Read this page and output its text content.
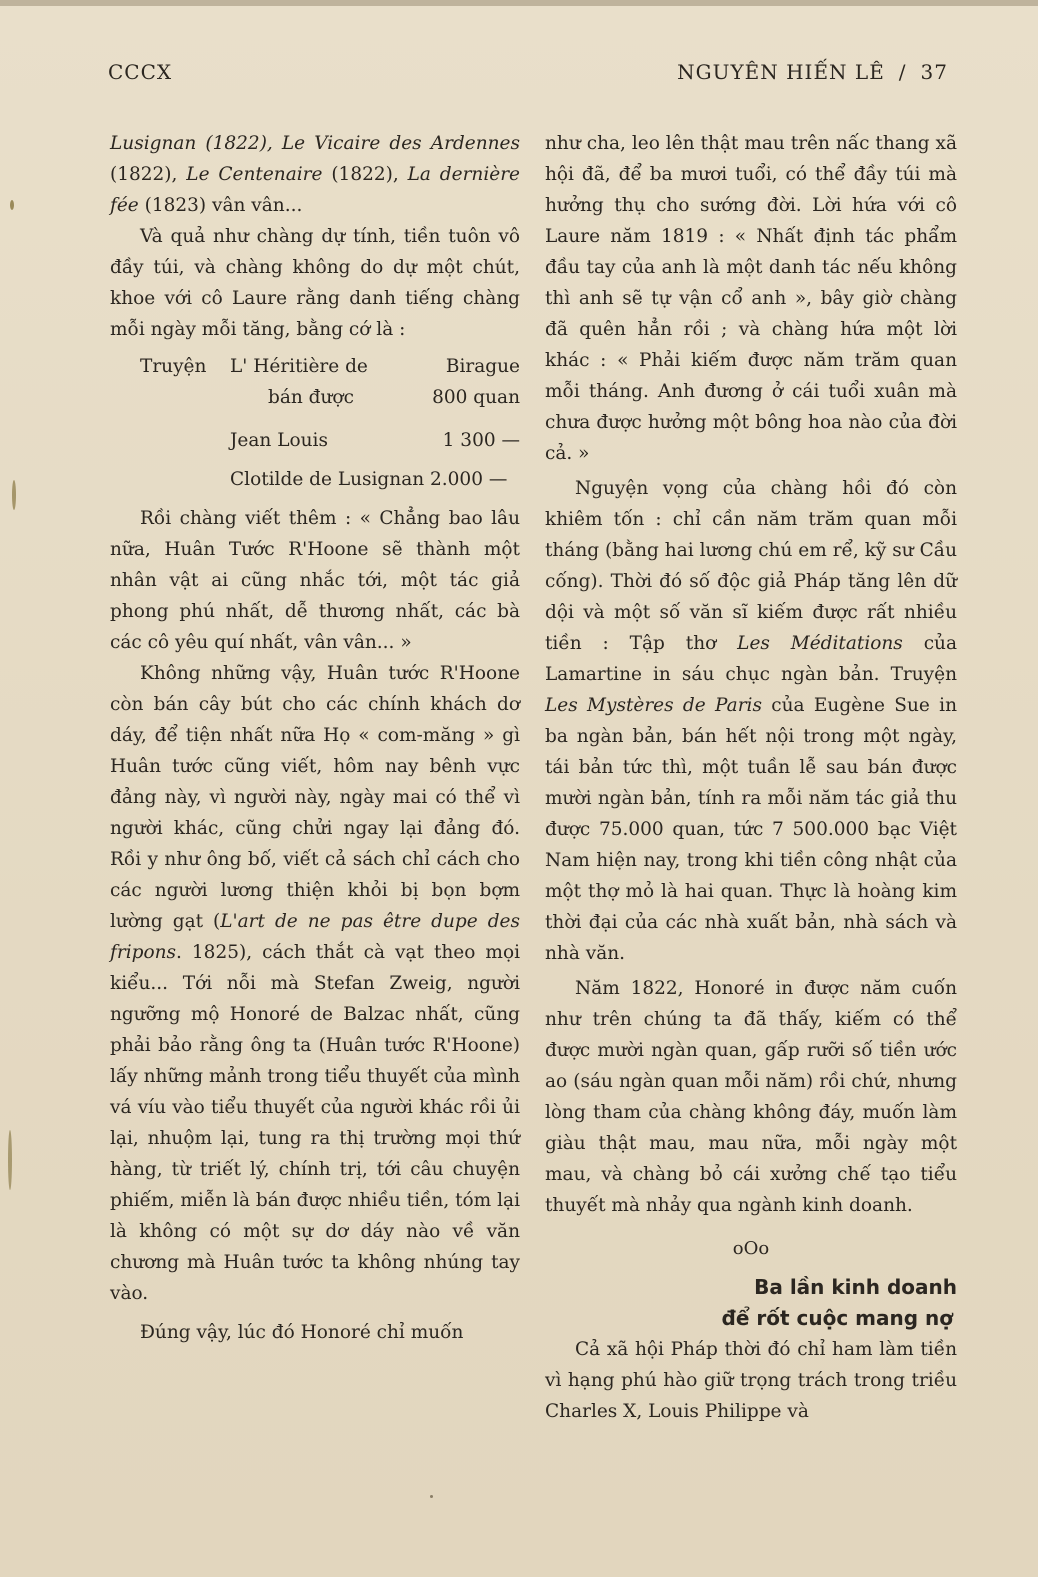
CCCX	NGUYÊN HIẾN LÊ / 37

Lusignan (1822), Le Vicaire des Ardennes (1822), Le Centenaire (1822), La dernière fée (1823) vân vân...

Và quả như chàng dự tính, tiền tuôn vô đầy túi, và chàng không do dự một chút, khoe với cô Laure rằng danh tiếng chàng mỗi ngày mỗi tăng, bằng cớ là :

Truyện	L' Héritière de	Birague
bán được	800 quan
Jean Louis	1 300 —
Clotilde de Lusignan 2.000 —

Rồi chàng viết thêm : « Chẳng bao lâu nữa, Huân Tước R'Hoone sẽ thành một nhân vật ai cũng nhắc tới, một tác giả phong phú nhất, dễ thương nhất, các bà các cô yêu quí nhất, vân vân... »

Không những vậy, Huân tước R'Hoone còn bán cây bút cho các chính khách dơ dáy, để tiện nhất nữa Họ « com-măng » gì Huân tước cũng viết, hôm nay bênh vực đảng này, vì người này, ngày mai có thể vì người khác, cũng chửi ngay lại đảng đó. Rồi y như ông bố, viết cả sách chỉ cách cho các người lương thiện khỏi bị bọn bợm lường gạt (L'art de ne pas être dupe des fripons. 1825), cách thắt cà vạt theo mọi kiểu... Tới nỗi mà Stefan Zweig, người ngưỡng mộ Honoré de Balzac nhất, cũng phải bảo rằng ông ta (Huân tước R'Hoone) lấy những mảnh trong tiểu thuyết của mình vá víu vào tiểu thuyết của người khác rồi ủi lại, nhuộm lại, tung ra thị trường mọi thứ hàng, từ triết lý, chính trị, tới câu chuyện phiếm, miễn là bán được nhiều tiền, tóm lại là không có một sự dơ dáy nào về văn chương mà Huân tước ta không nhúng tay vào.

Đúng vậy, lúc đó Honoré chỉ muốn

như cha, leo lên thật mau trên nấc thang xã hội đã, để ba mươi tuổi, có thể đầy túi mà hưởng thụ cho sướng đời. Lời hứa với cô Laure năm 1819 : « Nhất định tác phẩm đầu tay của anh là một danh tác nếu không thì anh sẽ tự vận cổ anh », bây giờ chàng đã quên hẳn rồi ; và chàng hứa một lời khác : « Phải kiếm được năm trăm quan mỗi tháng. Anh đương ở cái tuổi xuân mà chưa được hưởng một bông hoa nào của đời cả. »

Nguyện vọng của chàng hồi đó còn khiêm tốn : chỉ cần năm trăm quan mỗi tháng (bằng hai lương chú em rể, kỹ sư Cầu cống). Thời đó số độc giả Pháp tăng lên dữ dội và một số văn sĩ kiếm được rất nhiều tiền : Tập thơ Les Méditations của Lamartine in sáu chục ngàn bản. Truyện Les Mystères de Paris của Eugène Sue in ba ngàn bản, bán hết nội trong một ngày, tái bản tức thì, một tuần lễ sau bán được mười ngàn bản, tính ra mỗi năm tác giả thu được 75.000 quan, tức 7 500.000 bạc Việt Nam hiện nay, trong khi tiền công nhật của một thợ mỏ là hai quan. Thực là hoàng kim thời đại của các nhà xuất bản, nhà sách và nhà văn.

Năm 1822, Honoré in được năm cuốn như trên chúng ta đã thấy, kiếm có thể được mười ngàn quan, gấp rưỡi số tiền ước ao (sáu ngàn quan mỗi năm) rồi chứ, nhưng lòng tham của chàng không đáy, muốn làm giàu thật mau, mau nữa, mỗi ngày một mau, và chàng bỏ cái xưởng chế tạo tiểu thuyết mà nhảy qua ngành kinh doanh.

oOo
Ba lần kinh doanh
để rốt cuộc mang nợ

Cả xã hội Pháp thời đó chỉ ham làm tiền vì hạng phú hào giữ trọng trách trong triều Charles X, Louis Philippe và
